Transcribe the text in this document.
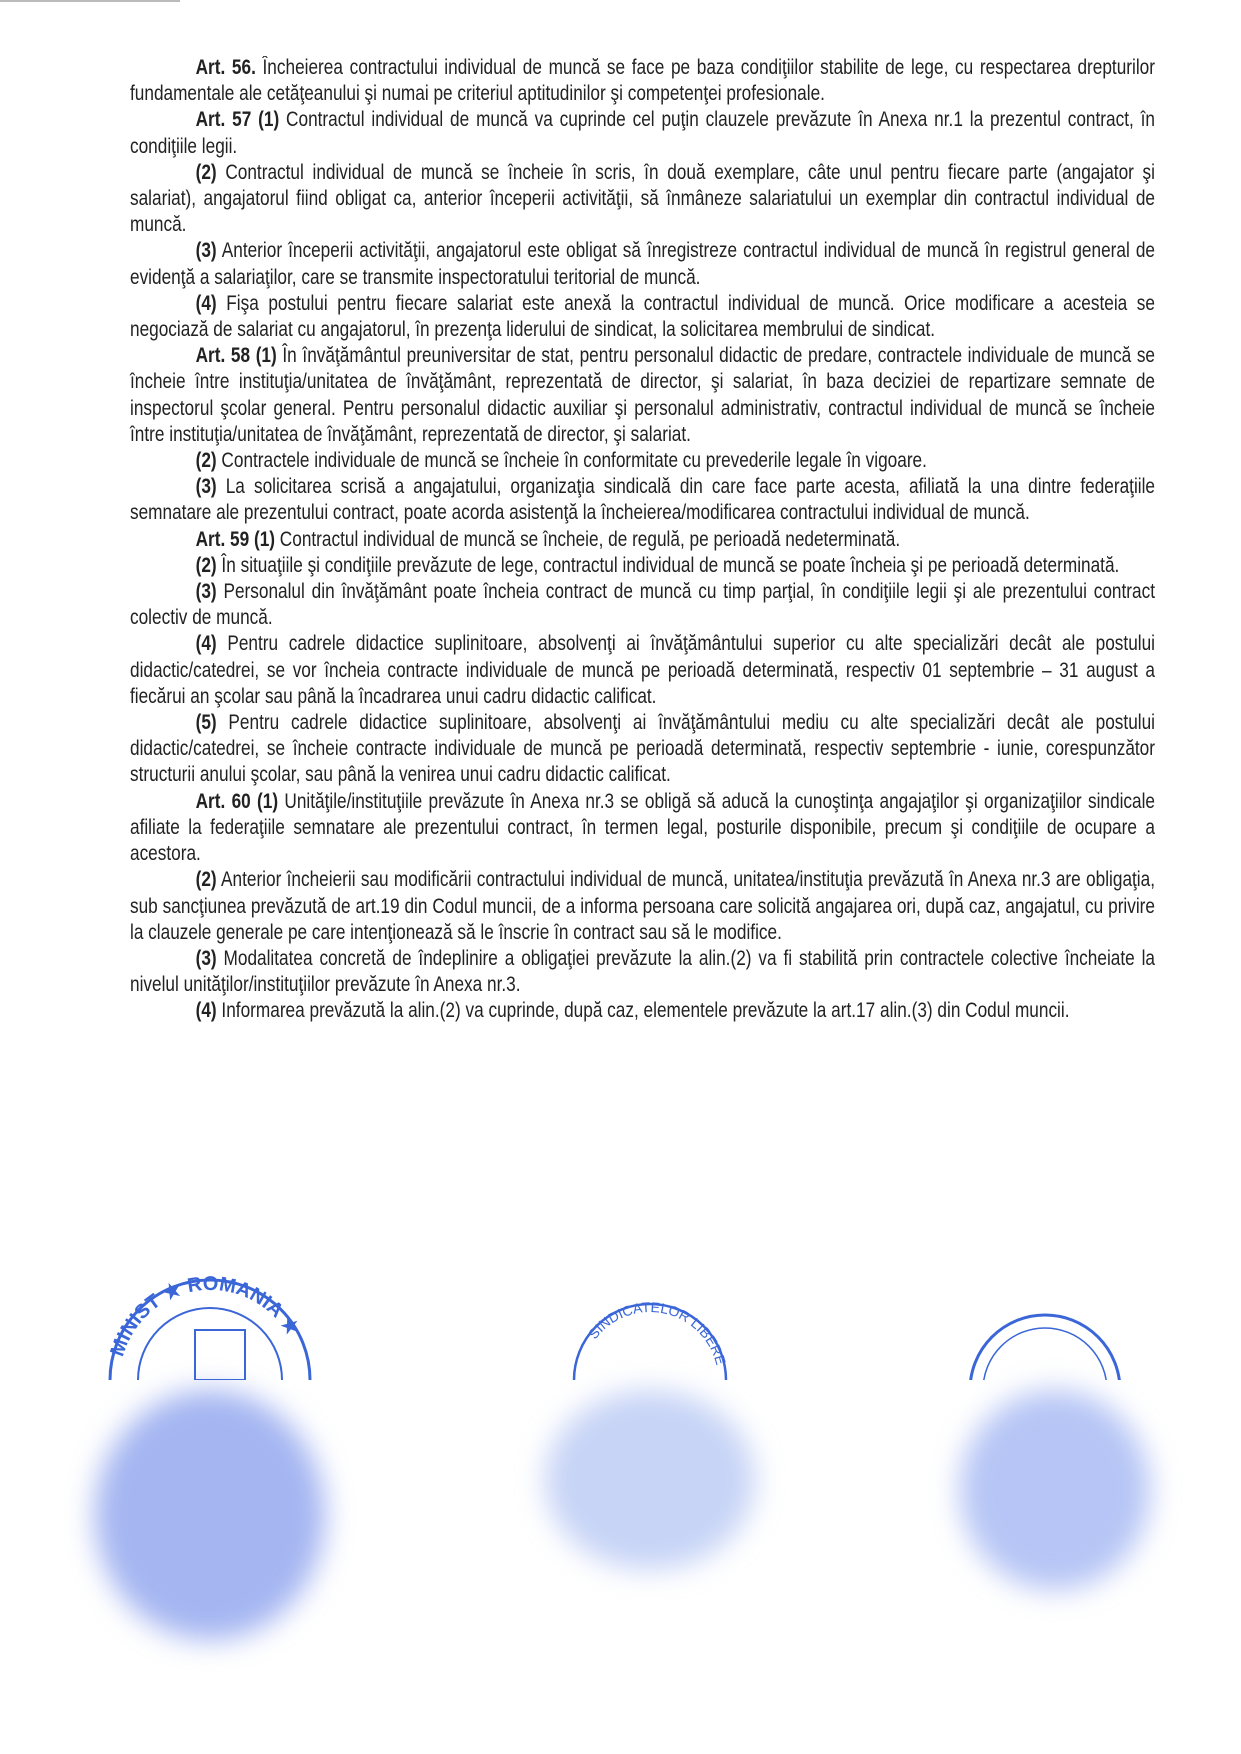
Art. 56. Încheierea contractului individual de muncă se face pe baza condiţiilor stabilite de lege, cu respectarea drepturilor fundamentale ale cetăţeanului şi numai pe criteriul aptitudinilor şi competenţei profesionale.

Art. 57 (1) Contractul individual de muncă va cuprinde cel puţin clauzele prevăzute în Anexa nr.1 la prezentul contract, în condiţiile legii.

(2) Contractul individual de muncă se încheie în scris, în două exemplare, câte unul pentru fiecare parte (angajator şi salariat), angajatorul fiind obligat ca, anterior începerii activităţii, să înmâneze salariatului un exemplar din contractul individual de muncă.

(3) Anterior începerii activităţii, angajatorul este obligat să înregistreze contractul individual de muncă în registrul general de evidenţă a salariaţilor, care se transmite inspectoratului teritorial de muncă.

(4) Fişa postului pentru fiecare salariat este anexă la contractul individual de muncă. Orice modificare a acesteia se negociază de salariat cu angajatorul, în prezenţa liderului de sindicat, la solicitarea membrului de sindicat.

Art. 58 (1) În învăţământul preuniversitar de stat, pentru personalul didactic de predare, contractele individuale de muncă se încheie între instituţia/unitatea de învăţământ, reprezentată de director, şi salariat, în baza deciziei de repartizare semnate de inspectorul şcolar general. Pentru personalul didactic auxiliar şi personalul administrativ, contractul individual de muncă se încheie între instituţia/unitatea de învăţământ, reprezentată de director, şi salariat.

(2) Contractele individuale de muncă se încheie în conformitate cu prevederile legale în vigoare.

(3) La solicitarea scrisă a angajatului, organizaţia sindicală din care face parte acesta, afiliată la una dintre federaţiile semnatare ale prezentului contract, poate acorda asistenţă la încheierea/modificarea contractului individual de muncă.

Art. 59 (1) Contractul individual de muncă se încheie, de regulă, pe perioadă nedeterminată.

(2) În situaţiile şi condiţiile prevăzute de lege, contractul individual de muncă se poate încheia şi pe perioadă determinată.

(3) Personalul din învăţământ poate încheia contract de muncă cu timp parţial, în condiţiile legii şi ale prezentului contract colectiv de muncă.

(4) Pentru cadrele didactice suplinitoare, absolvenţi ai învăţământului superior cu alte specializări decât ale postului didactic/catedrei, se vor încheia contracte individuale de muncă pe perioadă determinată, respectiv 01 septembrie – 31 august a fiecărui an şcolar sau până la încadrarea unui cadru didactic calificat.

(5) Pentru cadrele didactice suplinitoare, absolvenţi ai învăţământului mediu cu alte specializări decât ale postului didactic/catedrei, se încheie contracte individuale de muncă pe perioadă determinată, respectiv septembrie - iunie, corespunzător structurii anului şcolar, sau până la venirea unui cadru didactic calificat.

Art. 60 (1) Unităţile/instituţiile prevăzute în Anexa nr.3 se obligă să aducă la cunoştinţa angajaţilor şi organizaţiilor sindicale afiliate la federaţiile semnatare ale prezentului contract, în termen legal, posturile disponibile, precum şi condiţiile de ocupare a acestora.

(2) Anterior încheierii sau modificării contractului individual de muncă, unitatea/instituţia prevăzută în Anexa nr.3 are obligaţia, sub sancţiunea prevăzută de art.19 din Codul muncii, de a informa persoana care solicită angajarea ori, după caz, angajatul, cu privire la clauzele generale pe care intenţionează să le înscrie în contract sau să le modifice.

(3) Modalitatea concretă de îndeplinire a obligaţiei prevăzute la alin.(2) va fi stabilită prin contractele colective încheiate la nivelul unităţilor/instituţiilor prevăzute în Anexa nr.3.

(4) Informarea prevăzută la alin.(2) va cuprinde, după caz, elementele prevăzute la art.17 alin.(3) din Codul muncii.

MINIST ★ ROMANIA ★	SINDICATELOR LIBERE
